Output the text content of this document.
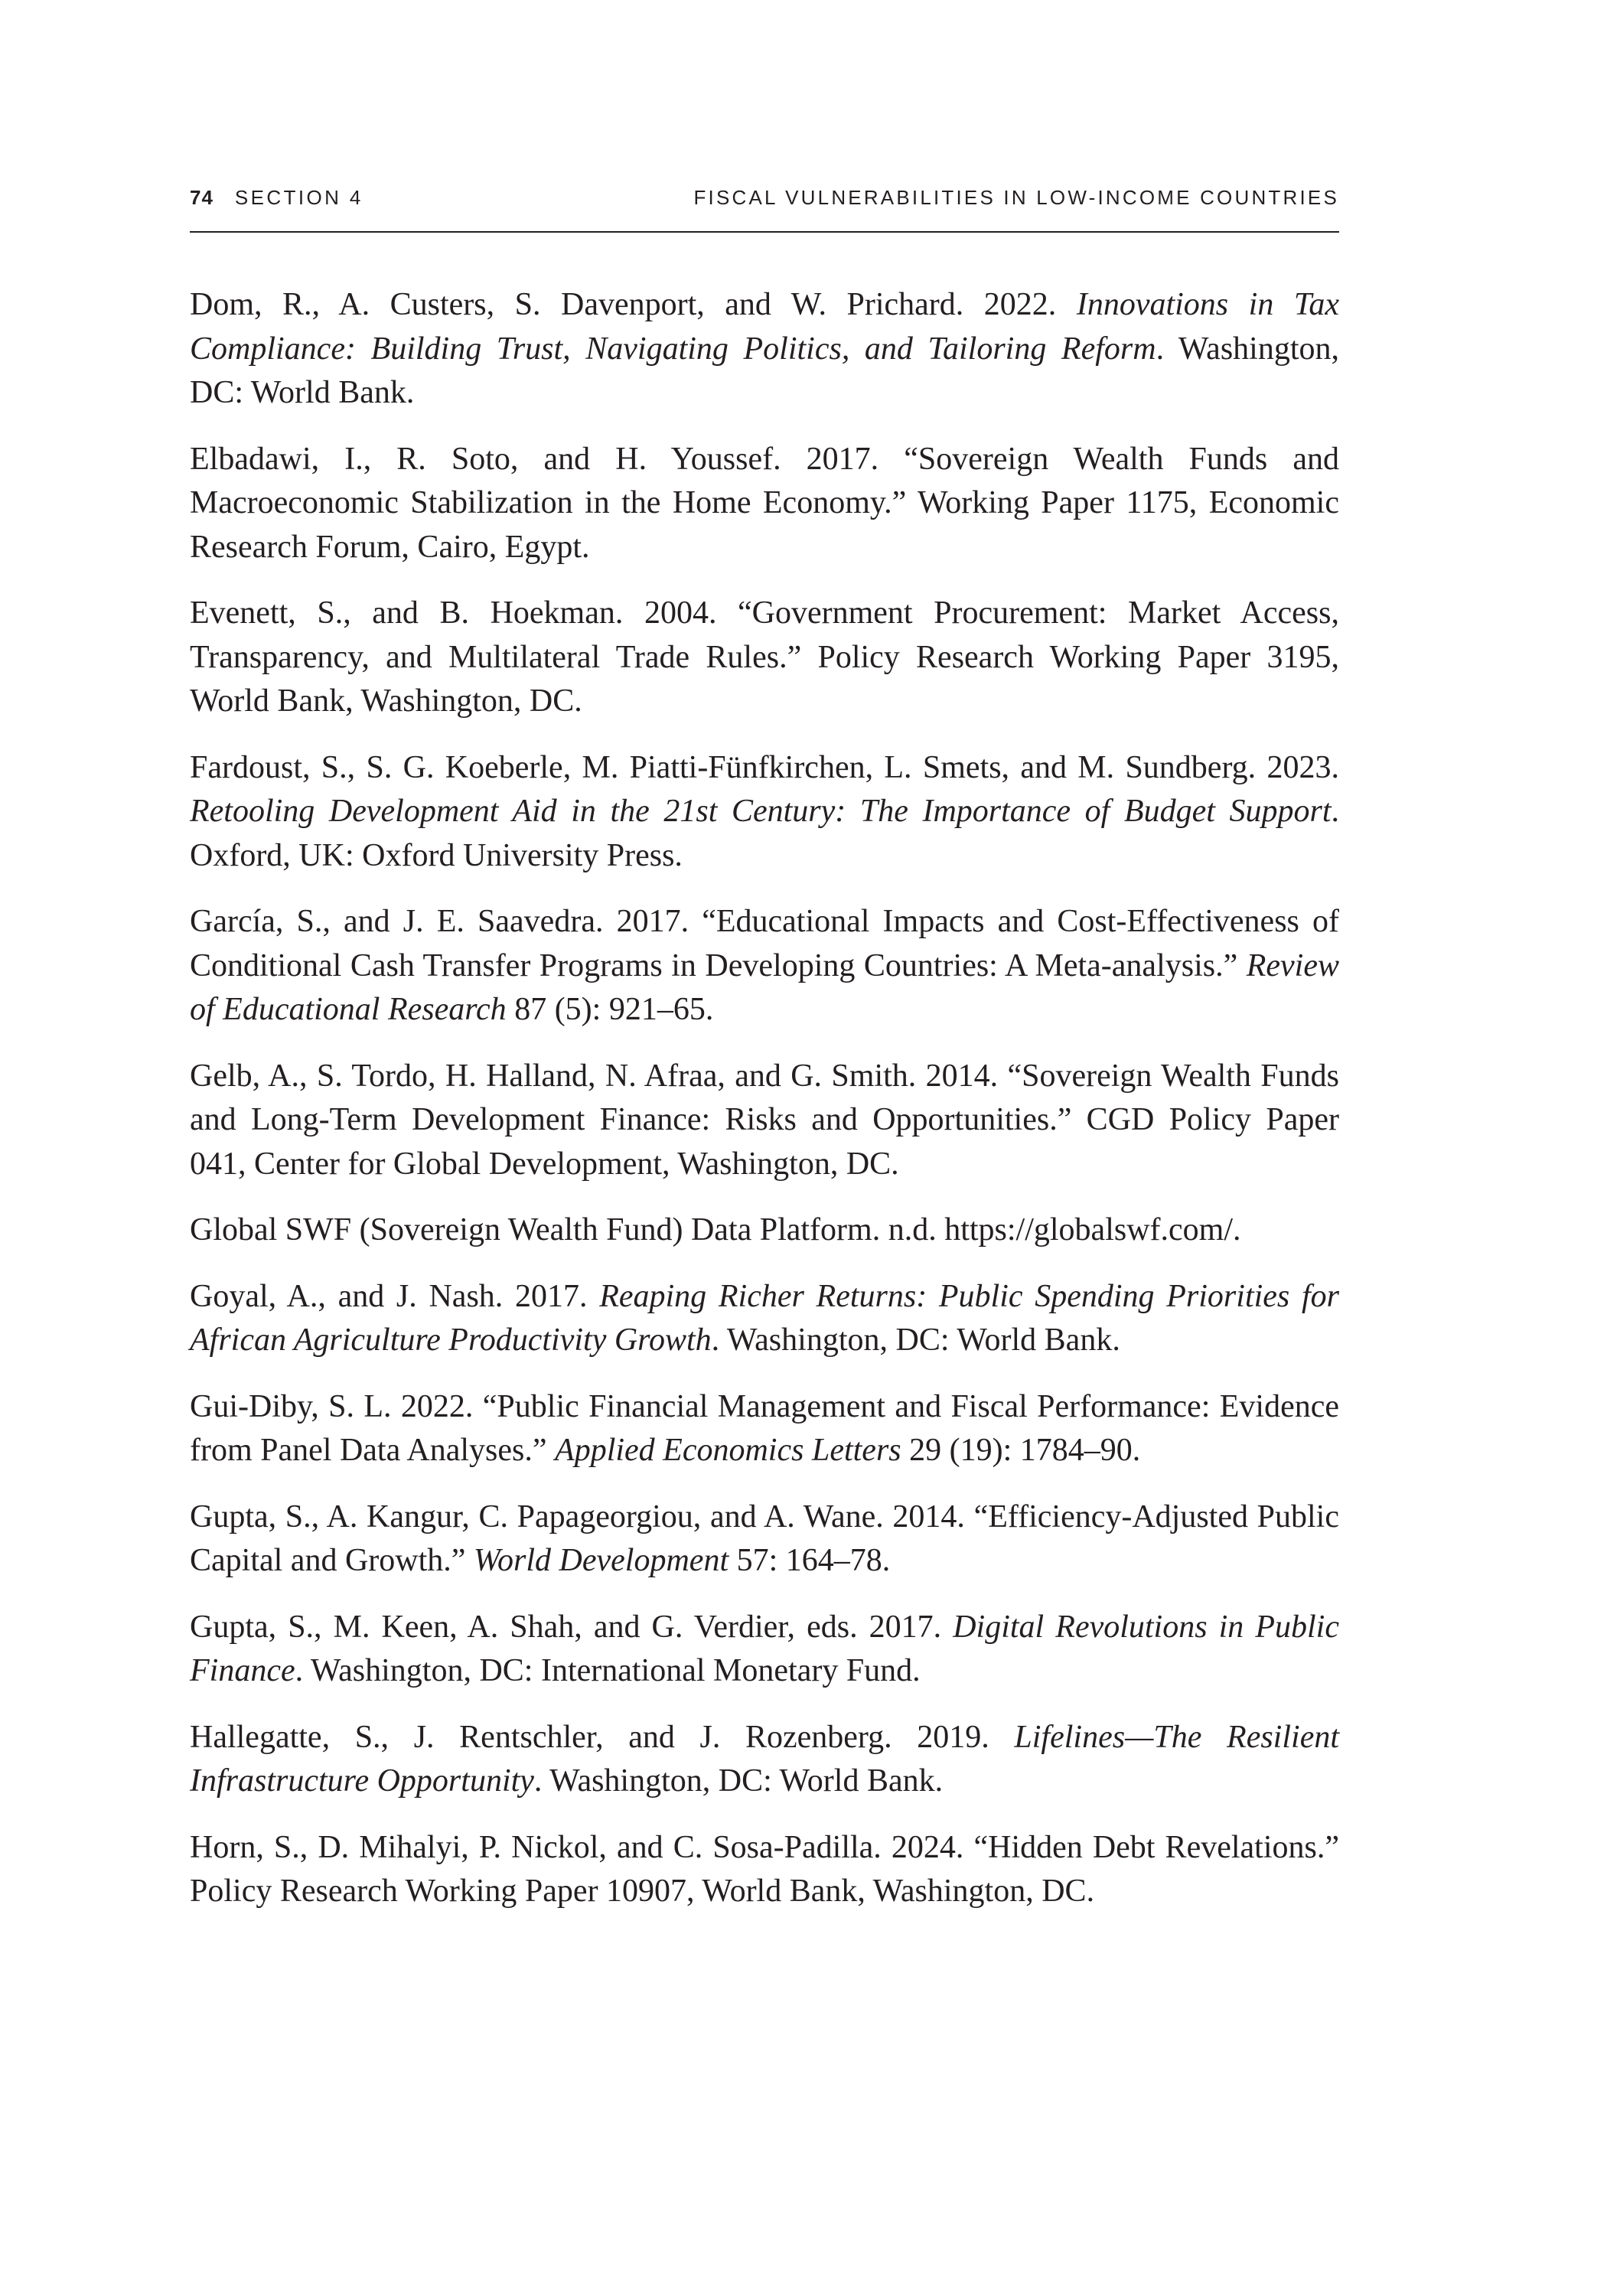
74 SECTION 4	FISCAL VULNERABILITIES IN LOW-INCOME COUNTRIES

Dom, R., A. Custers, S. Davenport, and W. Prichard. 2022. Innovations in Tax Compliance: Building Trust, Navigating Politics, and Tailoring Reform. Washington, DC: World Bank.

Elbadawi, I., R. Soto, and H. Youssef. 2017. “Sovereign Wealth Funds and Macroeconomic Stabilization in the Home Economy.” Working Paper 1175, Economic Research Forum, Cairo, Egypt.

Evenett, S., and B. Hoekman. 2004. “Government Procurement: Market Access, Transparency, and Multilateral Trade Rules.” Policy Research Working Paper 3195, World Bank, Washington, DC.

Fardoust, S., S. G. Koeberle, M. Piatti-Fünfkirchen, L. Smets, and M. Sundberg. 2023. Retooling Development Aid in the 21st Century: The Importance of Budget Support. Oxford, UK: Oxford University Press.

García, S., and J. E. Saavedra. 2017. “Educational Impacts and Cost-Effectiveness of Conditional Cash Transfer Programs in Developing Countries: A Meta-analysis.” Review of Educational Research 87 (5): 921–65.

Gelb, A., S. Tordo, H. Halland, N. Afraa, and G. Smith. 2014. “Sovereign Wealth Funds and Long-Term Development Finance: Risks and Opportunities.” CGD Policy Paper 041, Center for Global Development, Washington, DC.

Global SWF (Sovereign Wealth Fund) Data Platform. n.d. https://globalswf.com/.

Goyal, A., and J. Nash. 2017. Reaping Richer Returns: Public Spending Priorities for African Agriculture Productivity Growth. Washington, DC: World Bank.

Gui-Diby, S. L. 2022. “Public Financial Management and Fiscal Performance: Evidence from Panel Data Analyses.” Applied Economics Letters 29 (19): 1784–90.

Gupta, S., A. Kangur, C. Papageorgiou, and A. Wane. 2014. “Efficiency-Adjusted Public Capital and Growth.” World Development 57: 164–78.

Gupta, S., M. Keen, A. Shah, and G. Verdier, eds. 2017. Digital Revolutions in Public Finance. Washington, DC: International Monetary Fund.

Hallegatte, S., J. Rentschler, and J. Rozenberg. 2019. Lifelines—The Resilient Infrastructure Opportunity. Washington, DC: World Bank.

Horn, S., D. Mihalyi, P. Nickol, and C. Sosa-Padilla. 2024. “Hidden Debt Revelations.” Policy Research Working Paper 10907, World Bank, Washington, DC.
